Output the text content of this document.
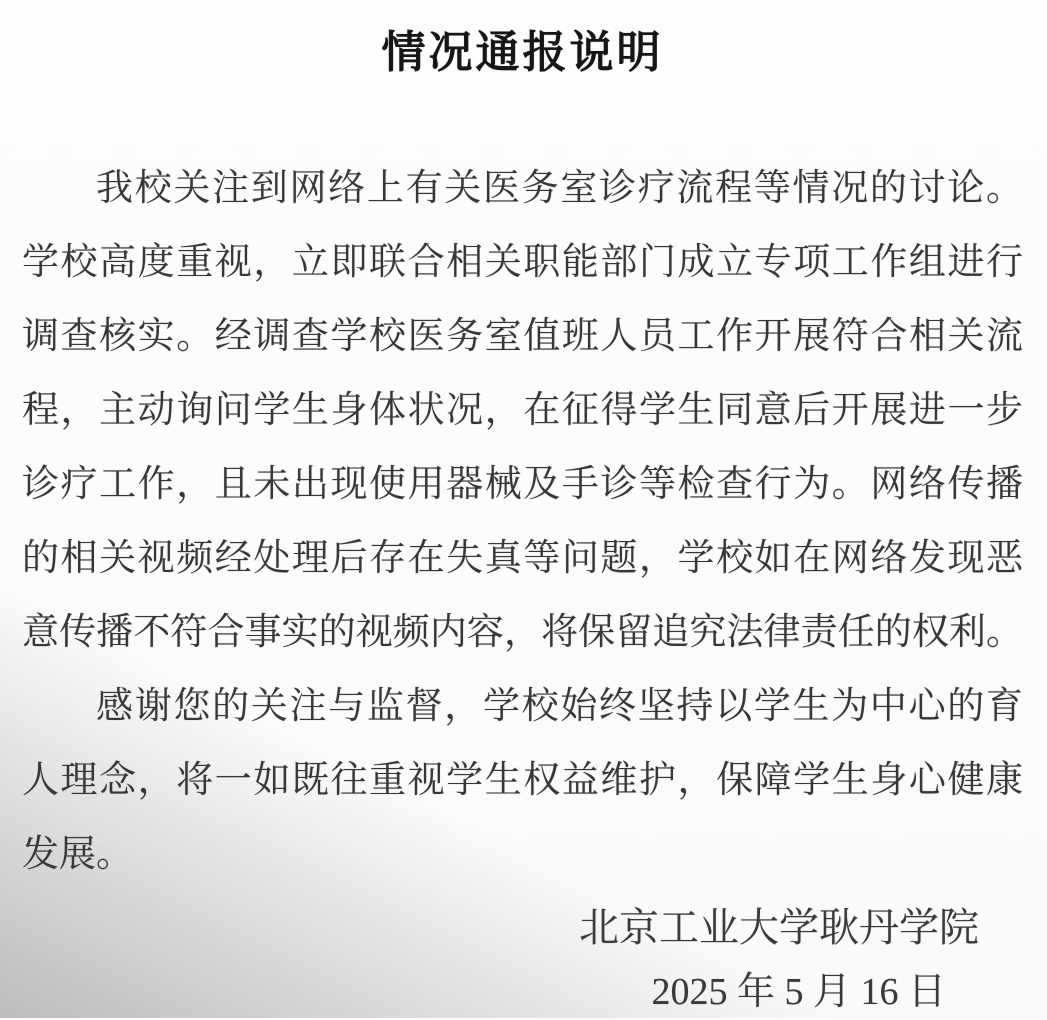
情况通报说明

我校关注到网络上有关医务室诊疗流程等情况的讨论。

学校高度重视，立即联合相关职能部门成立专项工作组进行

调查核实。经调查学校医务室值班人员工作开展符合相关流

程，主动询问学生身体状况，在征得学生同意后开展进一步

诊疗工作，且未出现使用器械及手诊等检查行为。网络传播

的相关视频经处理后存在失真等问题，学校如在网络发现恶

意传播不符合事实的视频内容，将保留追究法律责任的权利。

感谢您的关注与监督，学校始终坚持以学生为中心的育

人理念，将一如既往重视学生权益维护，保障学生身心健康

发展。

北京工业大学耿丹学院
2025 年 5 月 16 日
